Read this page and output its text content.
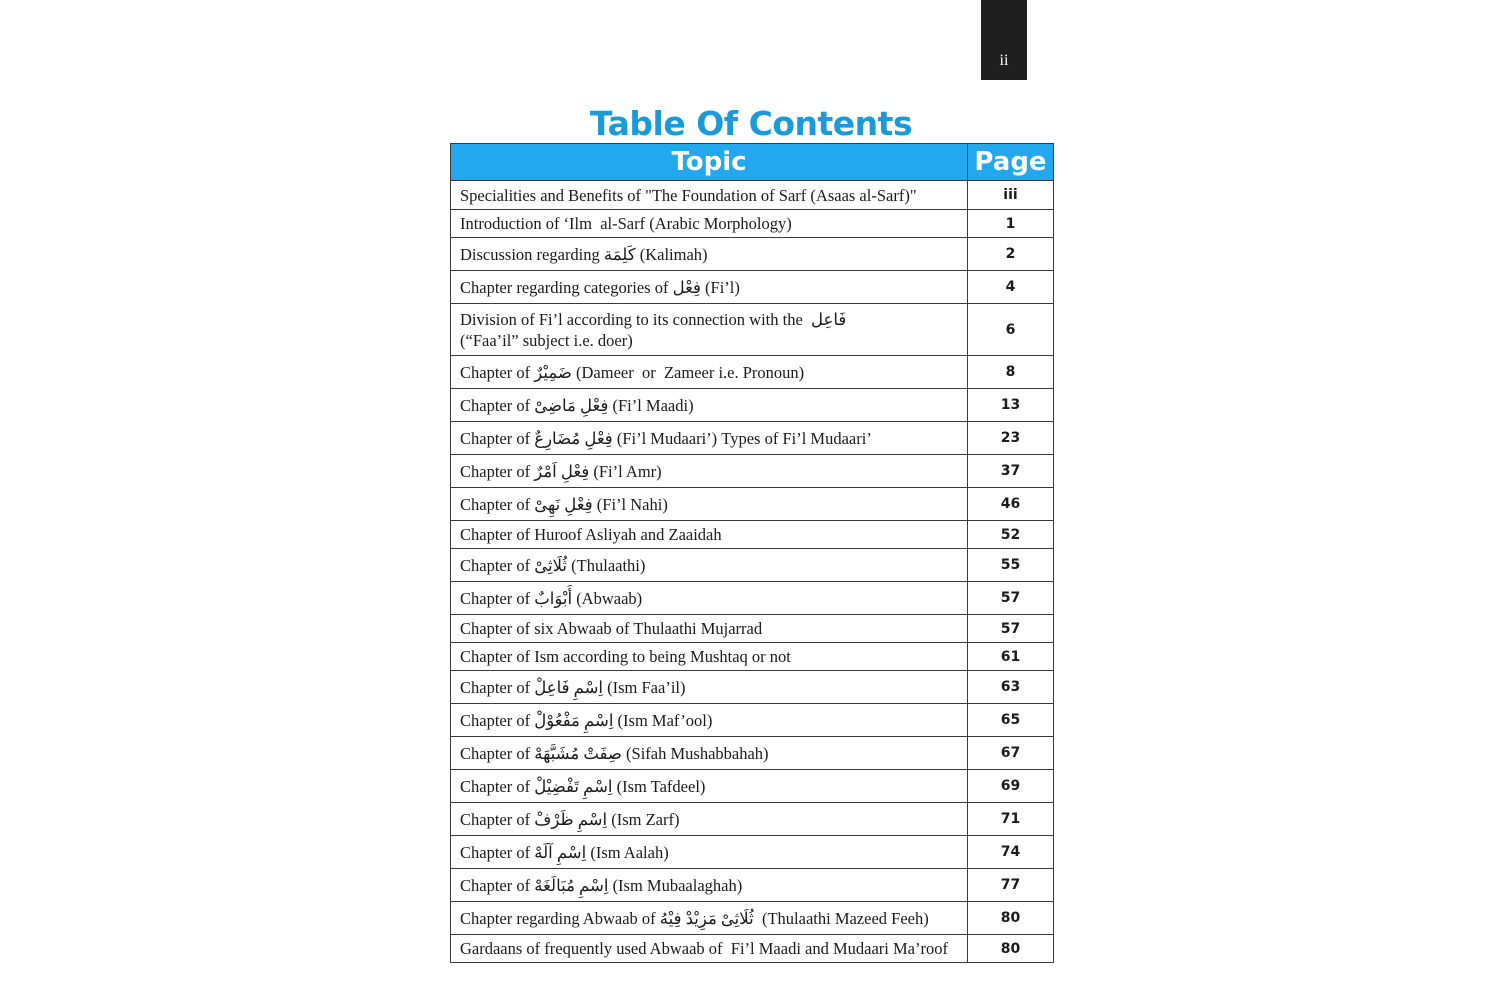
ii
Table Of Contents
Topic	Page
Specialities and Benefits of "The Foundation of Sarf (Asaas al-Sarf)"	iii
Introduction of ‘Ilm  al-Sarf (Arabic Morphology)	1
Discussion regarding كَلِمَة (Kalimah)	2
Chapter regarding categories of فِعْل (Fi’l)	4
Division of Fi’l according to its connection with the  فَاعِل
(“Faa’il” subject i.e. doer)	6
Chapter of ضَمِيْرٌ (Dameer  or  Zameer i.e. Pronoun)	8
Chapter of فِعْلِ مَاضِىْ (Fi’l Maadi)	13
Chapter of فِعْلِ مُضَارِعٌ (Fi’l Mudaari’) Types of Fi’l Mudaari’	23
Chapter of فِعْلِ اَمْرٌ (Fi’l Amr)	37
Chapter of فِعْلِ نَهِىْ (Fi’l Nahi)	46
Chapter of Huroof Asliyah and Zaaidah	52
Chapter of ثُلَاثِىْ (Thulaathi)	55
Chapter of أَبْوَابٌ (Abwaab)	57
Chapter of six Abwaab of Thulaathi Mujarrad	57
Chapter of Ism according to being Mushtaq or not	61
Chapter of اِسْمِ فَاعِلْ (Ism Faa’il)	63
Chapter of اِسْمِ مَفْعُوْلْ (Ism Maf’ool)	65
Chapter of صِفَتْ مُشَبَّهَهْ (Sifah Mushabbahah)	67
Chapter of اِسْمِ تَفْضِيْلْ (Ism Tafdeel)	69
Chapter of اِسْمِ ظَرْفْ (Ism Zarf)	71
Chapter of اِسْمِ آلَهْ (Ism Aalah)	74
Chapter of اِسْمِ مُبَالَغَهْ (Ism Mubaalaghah)	77
Chapter regarding Abwaab of ثُلَاثِىْ مَزِيْدْ فِيْهُ  (Thulaathi Mazeed Feeh)	80
Gardaans of frequently used Abwaab of  Fi’l Maadi and Mudaari Ma’roof	80
